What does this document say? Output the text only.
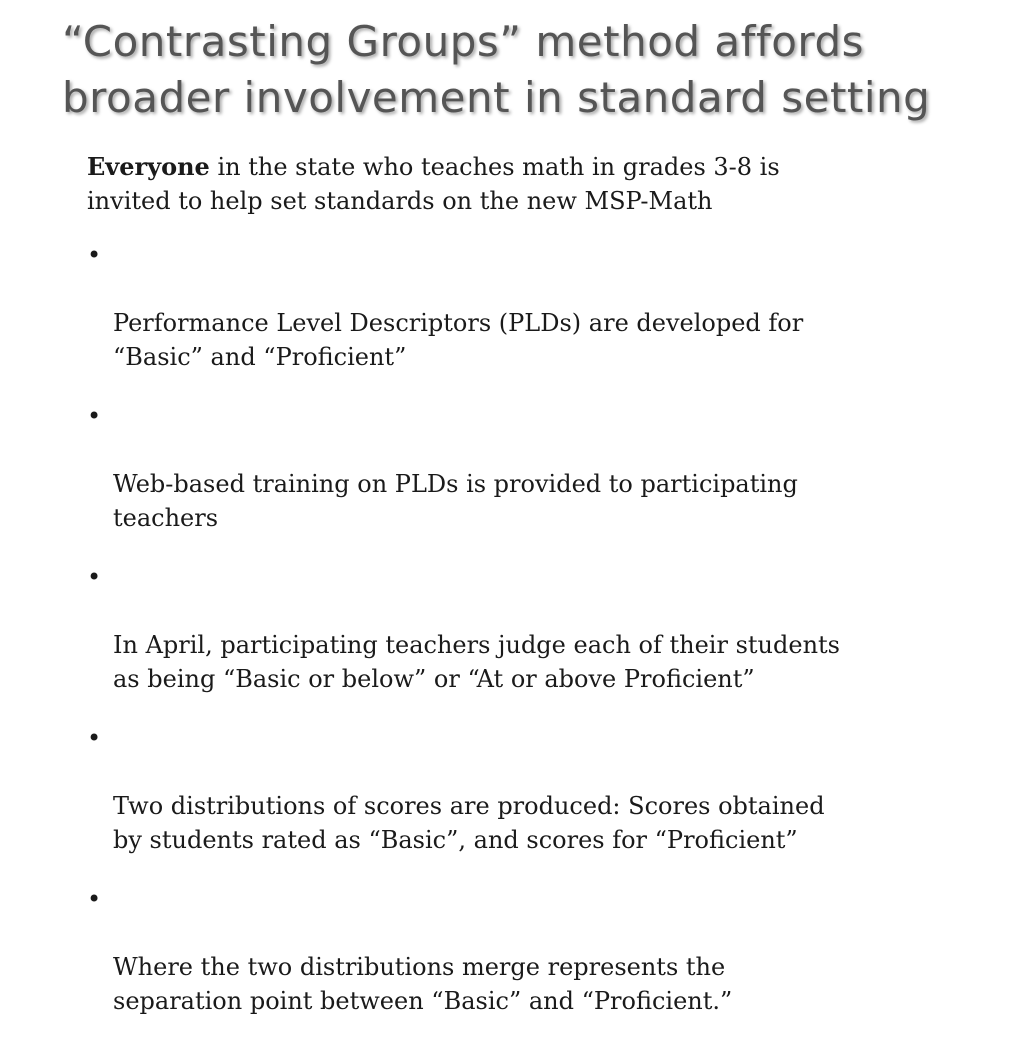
“Contrasting Groups” method affords
broader involvement in standard setting

Everyone in the state who teaches math in grades 3-8 is
invited to help set standards on the new MSP-Math

•

Performance Level Descriptors (PLDs) are developed for
“Basic” and “Proficient”

•

Web-based training on PLDs is provided to participating
teachers

•

In April, participating teachers judge each of their students
as being “Basic or below” or “At or above Proficient”

•

Two distributions of scores are produced: Scores obtained
by students rated as “Basic”, and scores for “Proficient”

•

Where the two distributions merge represents the
separation point between “Basic” and “Proficient.”
